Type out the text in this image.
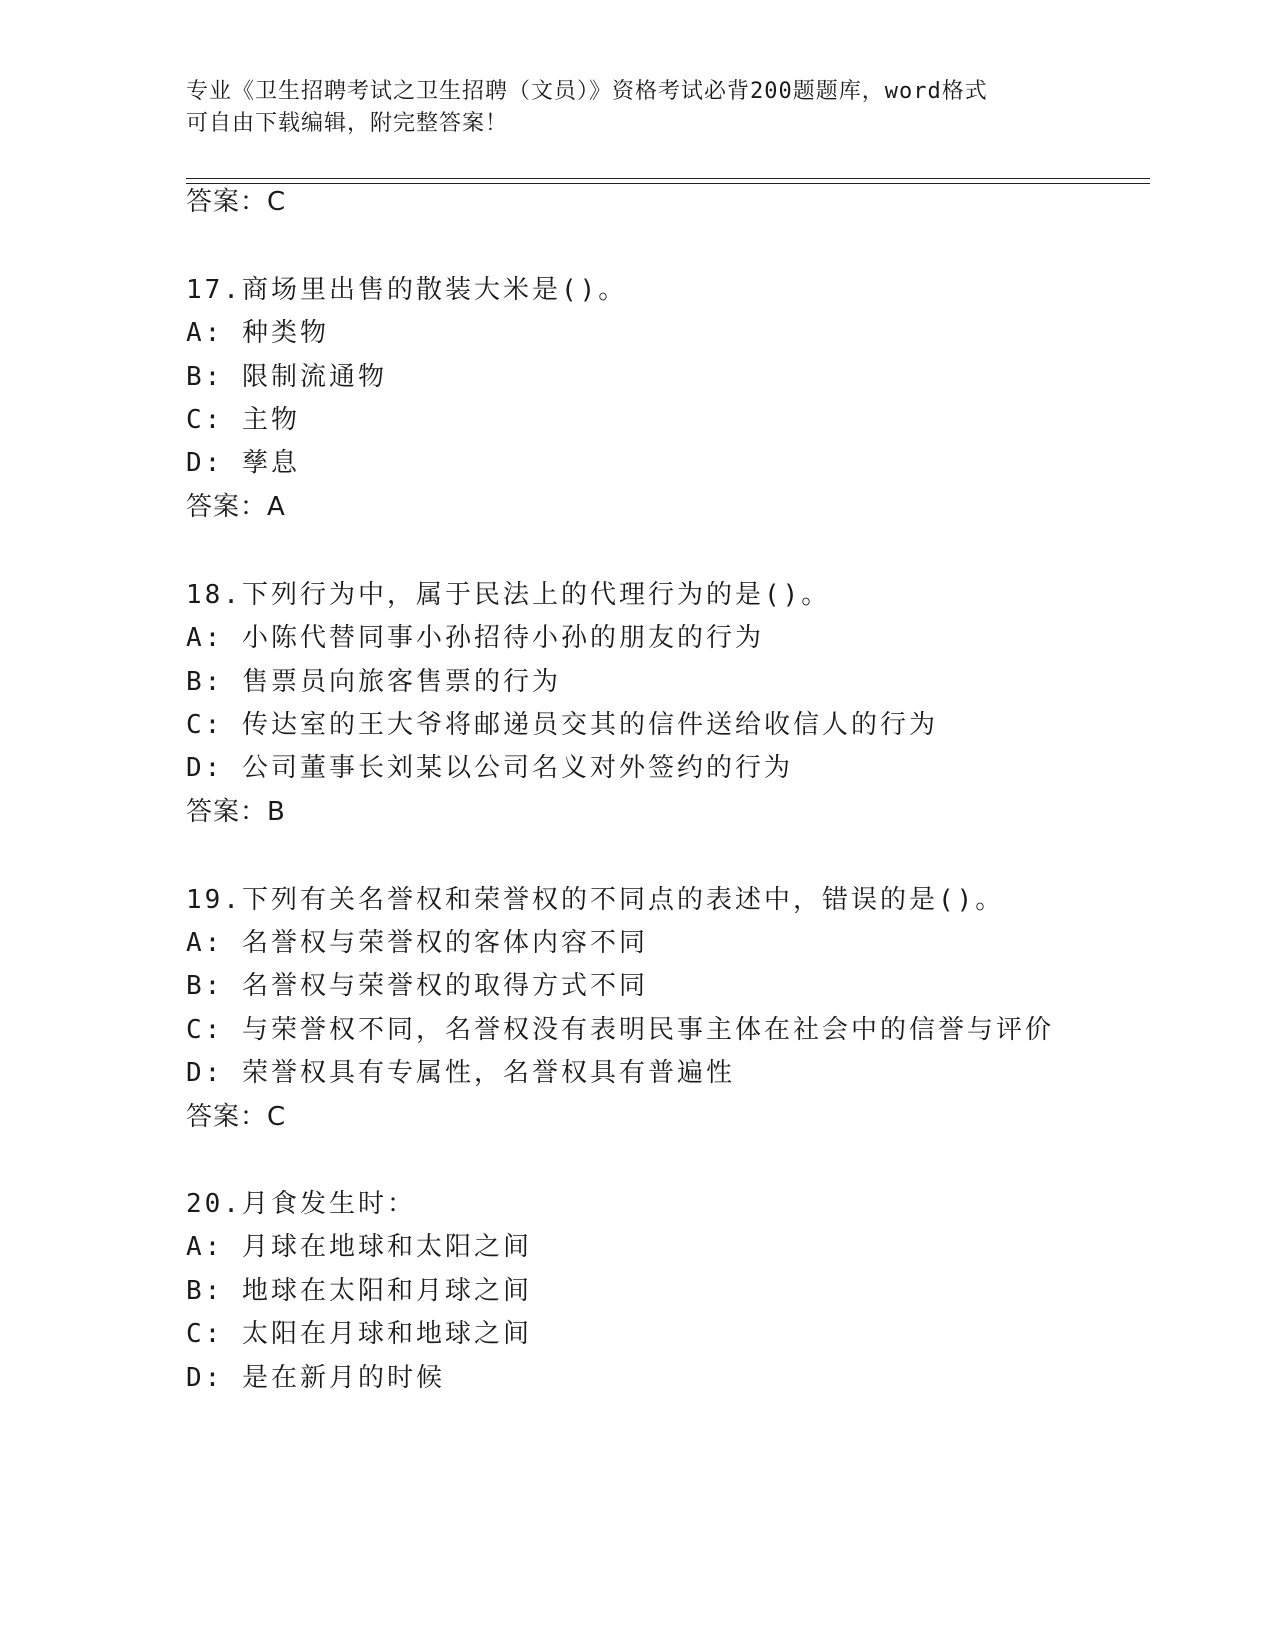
专业《卫生招聘考试之卫生招聘（文员）》资格考试必背200题题库，word格式
可自由下载编辑，附完整答案！
答案：C
17.商场里出售的散装大米是()。
A: 种类物
B: 限制流通物
C: 主物
D: 孳息
答案：A
18.下列行为中，属于民法上的代理行为的是()。
A: 小陈代替同事小孙招待小孙的朋友的行为
B: 售票员向旅客售票的行为
C: 传达室的王大爷将邮递员交其的信件送给收信人的行为
D: 公司董事长刘某以公司名义对外签约的行为
答案：B
19.下列有关名誉权和荣誉权的不同点的表述中，错误的是()。
A: 名誉权与荣誉权的客体内容不同
B: 名誉权与荣誉权的取得方式不同
C: 与荣誉权不同，名誉权没有表明民事主体在社会中的信誉与评价
D: 荣誉权具有专属性，名誉权具有普遍性
答案：C
20.月食发生时：
A: 月球在地球和太阳之间
B: 地球在太阳和月球之间
C: 太阳在月球和地球之间
D: 是在新月的时候
